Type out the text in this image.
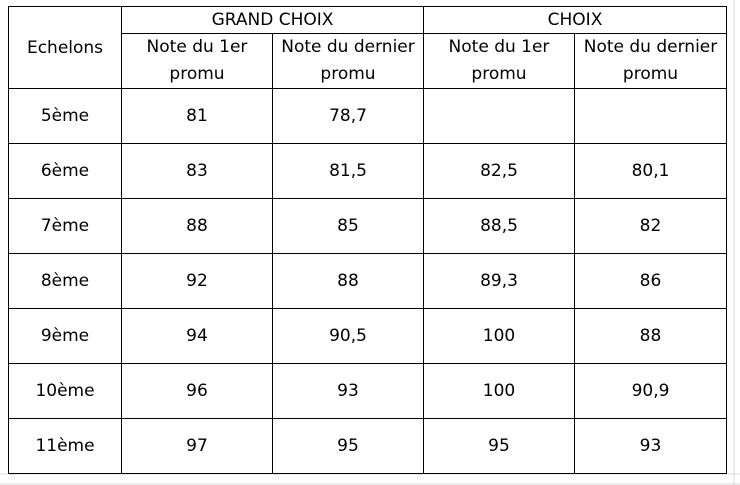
Echelons	GRAND CHOIX		CHOIX	
	Note du 1er promu	Note du dernier promu	Note du 1er promu	Note du dernier promu
5ème	81	78,7		
6ème	83	81,5	82,5	80,1
7ème	88	85	88,5	82
8ème	92	88	89,3	86
9ème	94	90,5	100	88
10ème	96	93	100	90,9
11ème	97	95	95	93
